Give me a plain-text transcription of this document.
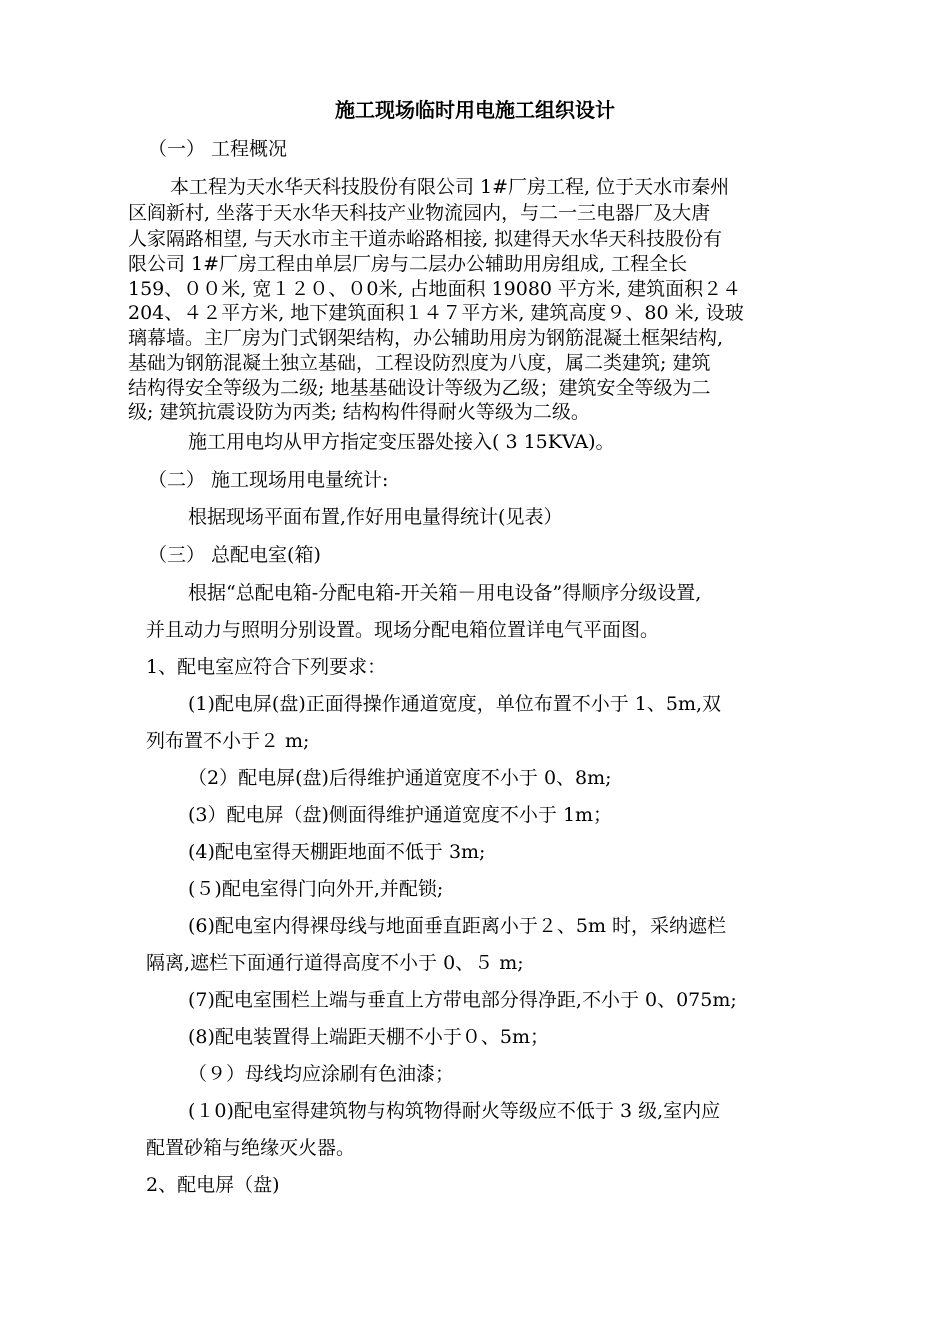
施工现场临时用电施工组织设计
（一） 工程概况
本工程为天水华天科技股份有限公司 1#厂房工程, 位于天水市秦州
区阎新村, 坐落于天水华天科技产业物流园内，与二一三电器厂及大唐
人家隔路相望, 与天水市主干道赤峪路相接, 拟建得天水华天科技股份有
限公司 1#厂房工程由单层厂房与二层办公辅助用房组成, 工程全长
159、００米, 宽１２０、０0米, 占地面积 19080 平方米, 建筑面积２４
204、４２平方米, 地下建筑面积１４７平方米, 建筑高度９、80 米, 设玻
璃幕墙。主厂房为门式钢架结构，办公辅助用房为钢筋混凝土框架结构,
基础为钢筋混凝土独立基础，工程设防烈度为八度，属二类建筑; 建筑
结构得安全等级为二级; 地基基础设计等级为乙级；建筑安全等级为二
级; 建筑抗震设防为丙类; 结构构件得耐火等级为二级。
施工用电均从甲方指定变压器处接入( 3 15KVA)。
（二） 施工现场用电量统计:
根据现场平面布置,作好用电量得统计(见表）
（三） 总配电室(箱)
根据“总配电箱-分配电箱-开关箱－用电设备”得顺序分级设置,
并且动力与照明分别设置。现场分配电箱位置详电气平面图。
1、配电室应符合下列要求：
(1)配电屏(盘)正面得操作通道宽度，单位布置不小于 1、5m,双
列布置不小于２ m;
（2）配电屏(盘)后得维护通道宽度不小于 0、8m;
(3）配电屏（盘)侧面得维护通道宽度不小于 1m；
(4)配电室得天棚距地面不低于 3m;
(５)配电室得门向外开,并配锁;
(6)配电室内得裸母线与地面垂直距离小于２、5m 时，采纳遮栏
隔离,遮栏下面通行道得高度不小于 0、５ m;
(7)配电室围栏上端与垂直上方带电部分得净距,不小于 0、075m;
(8)配电装置得上端距天棚不小于０、5m；
（９）母线均应涂刷有色油漆；
(１0)配电室得建筑物与构筑物得耐火等级应不低于 3 级,室内应
配置砂箱与绝缘灭火器。
2、配电屏（盘)
